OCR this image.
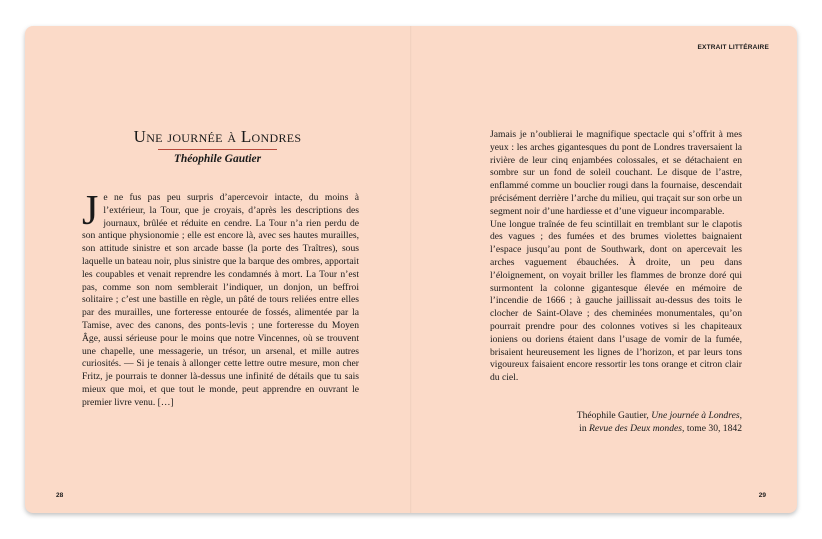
EXTRAIT LITTÉRAIRE
Une journée à Londres
Théophile Gautier
J e ne fus pas peu surpris d’apercevoir intacte, du moins à l’extérieur, la Tour, que je croyais, d’après les descriptions des journaux, brûlée et réduite en cendre. La Tour n’a rien perdu de son antique physionomie ; elle est encore là, avec ses hautes murailles, son attitude sinistre et son arcade basse (la porte des Traîtres), sous laquelle un bateau noir, plus sinistre que la barque des ombres, apportait les coupables et venait reprendre les condamnés à mort. La Tour n’est pas, comme son nom semblerait l’indiquer, un donjon, un beffroi solitaire ; c’est une bastille en règle, un pâté de tours reliées entre elles par des murailles, une forteresse entourée de fossés, alimentée par la Tamise, avec des canons, des ponts-levis ; une forteresse du Moyen Âge, aussi sérieuse pour le moins que notre Vincennes, où se trouvent une chapelle, une messagerie, un trésor, un arsenal, et mille autres curiosités. — Si je tenais à allonger cette lettre outre mesure, mon cher Fritz, je pourrais te donner là-dessus une infinité de détails que tu sais mieux que moi, et que tout le monde, peut apprendre en ouvrant le premier livre venu. […]

Jamais je n’oublierai le magnifique spectacle qui s’offrit à mes yeux : les arches gigantesques du pont de Londres traversaient la rivière de leur cinq enjambées colossales, et se détachaient en sombre sur un fond de soleil couchant. Le disque de l’astre, enflammé comme un bouclier rougi dans la fournaise, descendait précisément derrière l’arche du milieu, qui traçait sur son orbe un segment noir d’une hardiesse et d’une vigueur incomparable.

Une longue traînée de feu scintillait en tremblant sur le clapotis des vagues ; des fumées et des brumes violettes baignaient l’espace jusqu’au pont de Southwark, dont on apercevait les arches vaguement ébauchées. À droite, un peu dans l’éloignement, on voyait briller les flammes de bronze doré qui surmontent la colonne gigantesque élevée en mémoire de l’incendie de 1666 ; à gauche jaillissait au-dessus des toits le clocher de Saint-Olave ; des cheminées monumentales, qu’on pourrait prendre pour des colonnes votives si les chapiteaux ioniens ou doriens étaient dans l’usage de vomir de la fumée, brisaient heureusement les lignes de l’horizon, et par leurs tons vigoureux faisaient encore ressortir les tons orange et citron clair du ciel.

Théophile Gautier, Une journée à Londres,
in Revue des Deux mondes, tome 30, 1842
28	29
